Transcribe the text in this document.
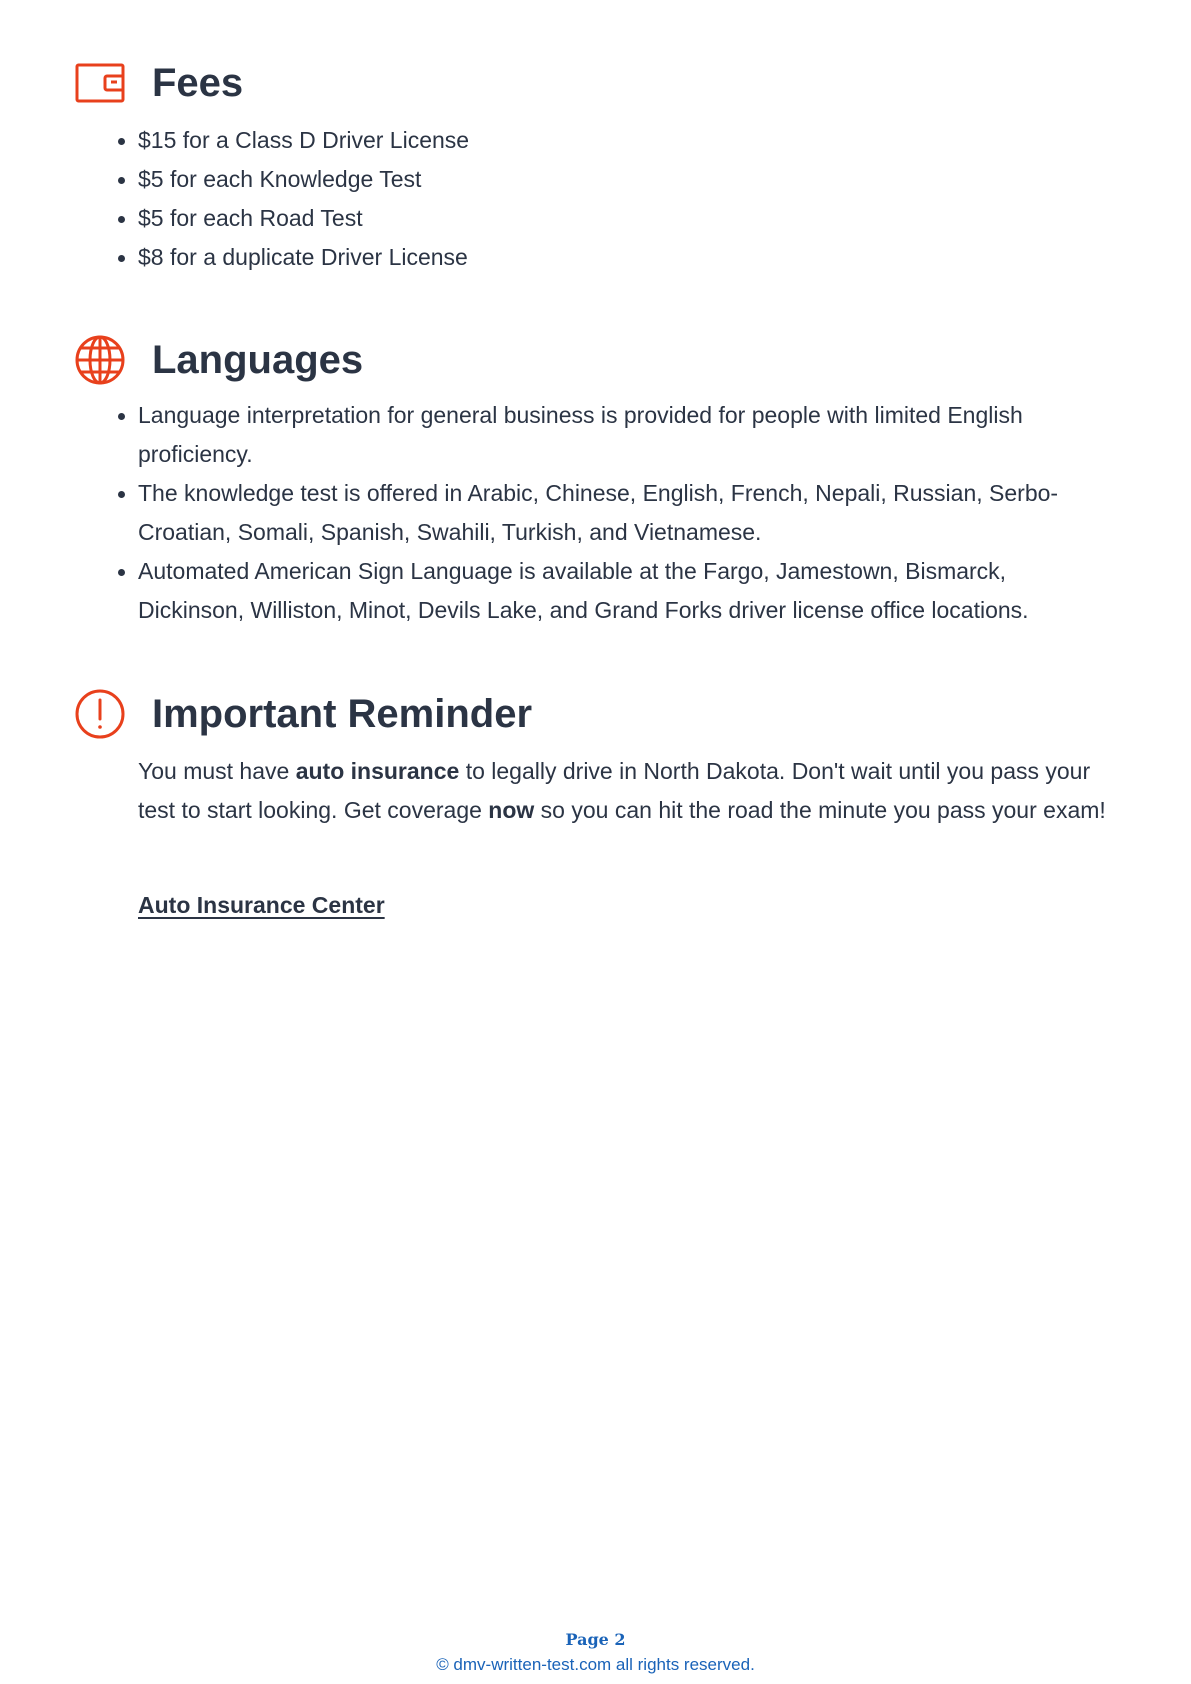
Fees
$15 for a Class D Driver License
$5 for each Knowledge Test
$5 for each Road Test
$8 for a duplicate Driver License
Languages
Language interpretation for general business is provided for people with limited English proficiency.
The knowledge test is offered in Arabic, Chinese, English, French, Nepali, Russian, Serbo-Croatian, Somali, Spanish, Swahili, Turkish, and Vietnamese.
Automated American Sign Language is available at the Fargo, Jamestown, Bismarck, Dickinson, Williston, Minot, Devils Lake, and Grand Forks driver license office locations.
Important Reminder

You must have auto insurance to legally drive in North Dakota. Don't wait until you pass your test to start looking. Get coverage now so you can hit the road the minute you pass your exam!

Auto Insurance Center
Page 2
© dmv-written-test.com all rights reserved.
